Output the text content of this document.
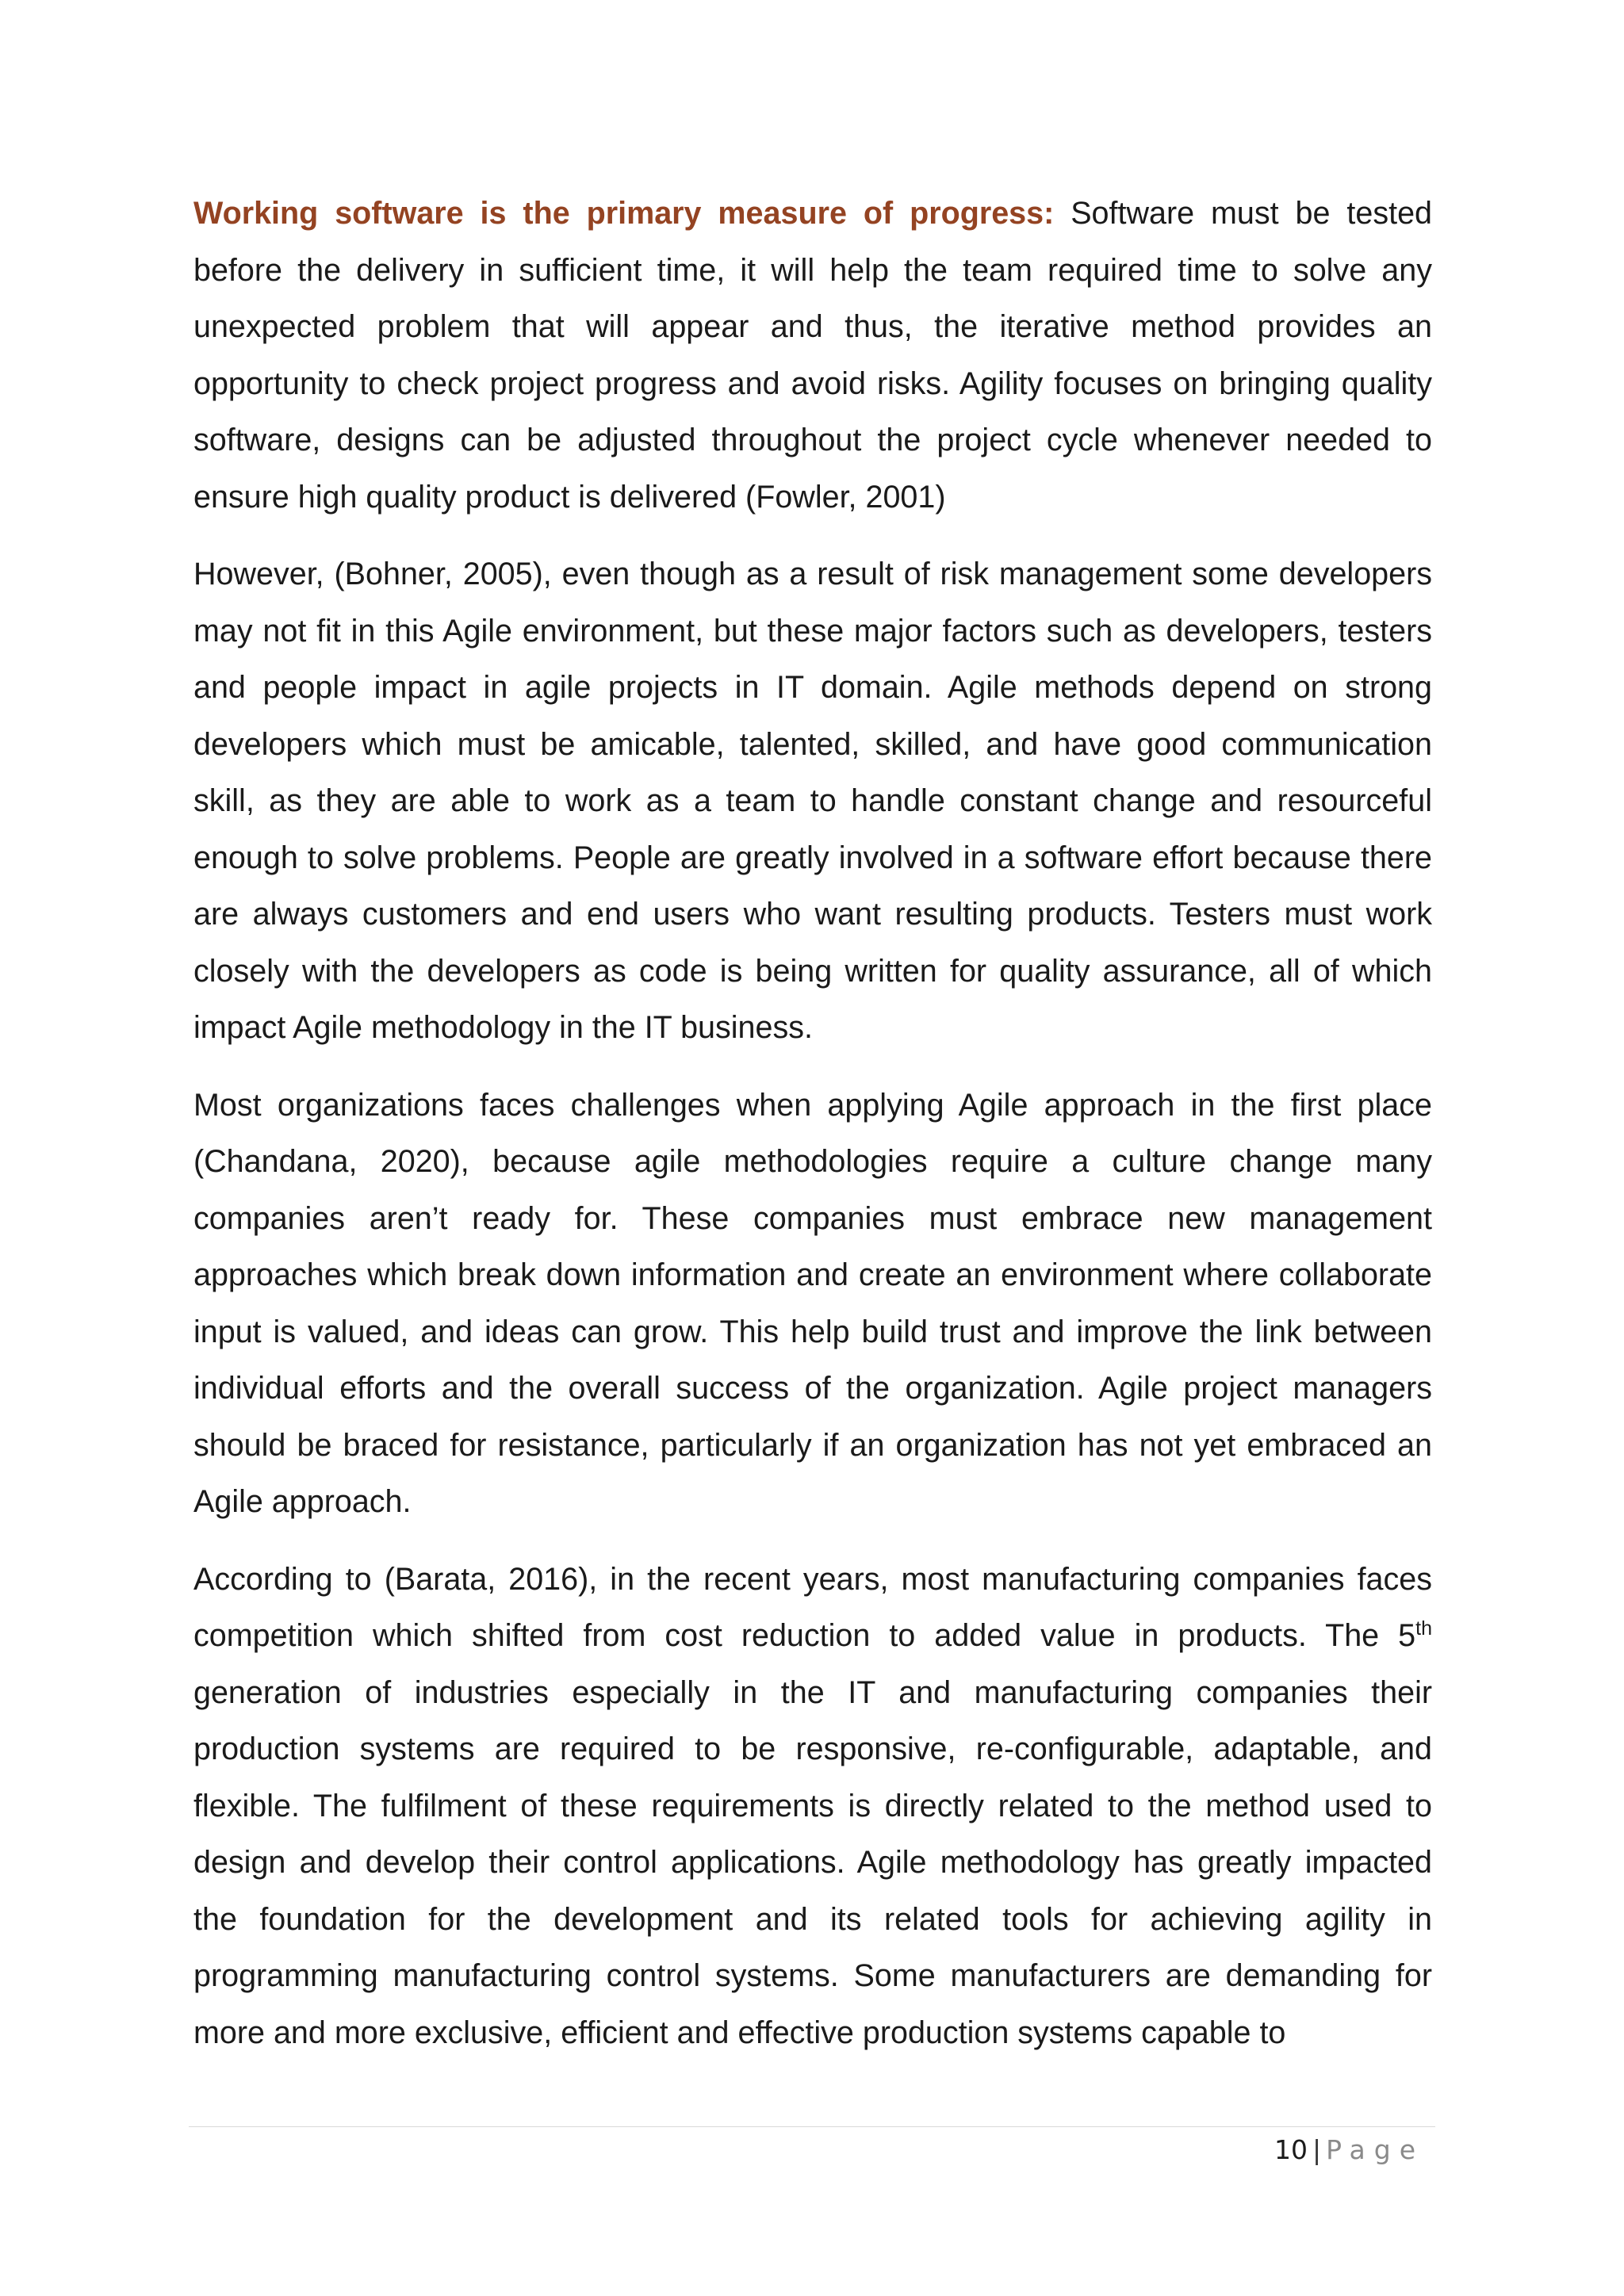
Working software is the primary measure of progress: Software must be tested before the delivery in sufficient time, it will help the team required time to solve any unexpected problem that will appear and thus, the iterative method provides an opportunity to check project progress and avoid risks. Agility focuses on bringing quality software, designs can be adjusted throughout the project cycle whenever needed to ensure high quality product is delivered (Fowler, 2001)

However, (Bohner, 2005), even though as a result of risk management some developers may not fit in this Agile environment, but these major factors such as developers, testers and people impact in agile projects in IT domain. Agile methods depend on strong developers which must be amicable, talented, skilled, and have good communication skill, as they are able to work as a team to handle constant change and resourceful enough to solve problems. People are greatly involved in a software effort because there are always customers and end users who want resulting products. Testers must work closely with the developers as code is being written for quality assurance, all of which impact Agile methodology in the IT business.

Most organizations faces challenges when applying Agile approach in the first place (Chandana, 2020), because agile methodologies require a culture change many companies aren’t ready for. These companies must embrace new management approaches which break down information and create an environment where collaborate input is valued, and ideas can grow. This help build trust and improve the link between individual efforts and the overall success of the organization. Agile project managers should be braced for resistance, particularly if an organization has not yet embraced an Agile approach.

According to (Barata, 2016), in the recent years, most manufacturing companies faces competition which shifted from cost reduction to added value in products. The 5th generation of industries especially in the IT and manufacturing companies their production systems are required to be responsive, re-configurable, adaptable, and flexible. The fulfilment of these requirements is directly related to the method used to design and develop their control applications. Agile methodology has greatly impacted the foundation for the development and its related tools for achieving agility in programming manufacturing control systems. Some manufacturers are demanding for more and more exclusive, efficient and effective production systems capable to

10 | Page
